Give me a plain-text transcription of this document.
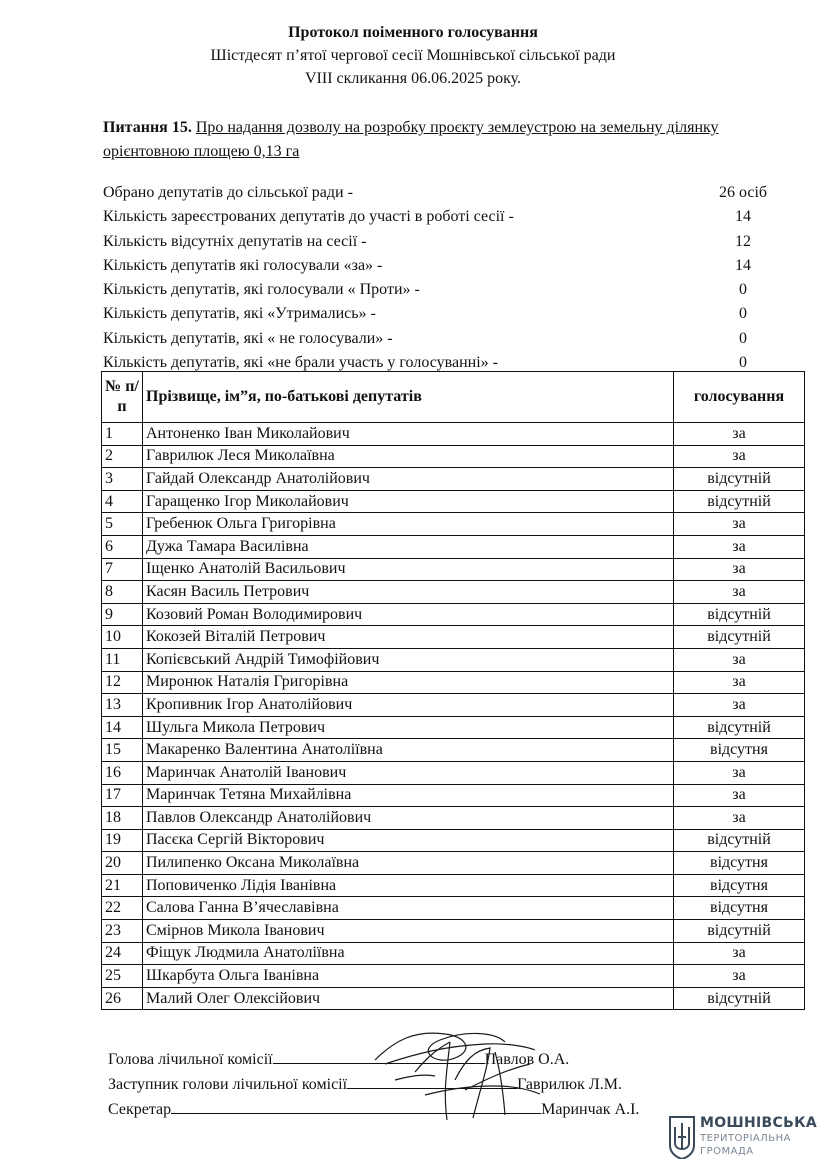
Протокол поіменного голосування
Шістдесят п’ятої чергової сесії Мошнівської сільської ради
VIII скликання 06.06.2025 року.
Питання 15. Про надання дозволу на розробку проєкту землеустрою на земельну ділянку орієнтовною площею 0,13 га
Обрано депутатів до сільської ради -	26 осіб
Кількість зареєстрованих депутатів до участі в роботі сесії -	14
Кількість відсутніх депутатів на сесії -	12
Кількість депутатів які голосували «за» -	14
Кількість депутатів, які голосували « Проти» -	0
Кількість депутатів, які «Утримались» -	0
Кількість депутатів, які « не голосували» -	0
Кількість депутатів, які «не брали участь у голосуванні» -	0
№ п/п	Прізвище, ім”я, по-батькові депутатів	голосування
1	Антоненко Іван Миколайович	за
2	Гаврилюк Леся Миколаївна	за
3	Гайдай Олександр Анатолійович	відсутній
4	Гаращенко Ігор Миколайович	відсутній
5	Гребенюк Ольга Григорівна	за
6	Дужа Тамара Василівна	за
7	Іщенко Анатолій Васильович	за
8	Касян Василь Петрович	за
9	Козовий Роман Володимирович	відсутній
10	Кокозей Віталій Петрович	відсутній
11	Копієвський Андрій Тимофійович	за
12	Миронюк Наталія Григорівна	за
13	Кропивник Ігор Анатолійович	за
14	Шульга Микола Петрович	відсутній
15	Макаренко Валентина Анатоліївна	відсутня
16	Маринчак Анатолій Іванович	за
17	Маринчак Тетяна Михайлівна	за
18	Павлов Олександр Анатолійович	за
19	Пасєка Сергій Вікторович	відсутній
20	Пилипенко Оксана Миколаївна	відсутня
21	Поповиченко Лідія Іванівна	відсутня
22	Салова Ганна В’ячеславівна	відсутня
23	Смірнов Микола Іванович	відсутній
24	Фіщук Людмила Анатоліївна	за
25	Шкарбута Ольга Іванівна	за
26	Малий Олег Олексійович	відсутній
Голова лічильної комісії	Павлов О.А.
Заступник голови лічильної комісії	Гаврилюк Л.М.
Секретар	Маринчак А.І.
МОШНІВСЬКА
ТЕРИТОРІАЛЬНА
ГРОМАДА
